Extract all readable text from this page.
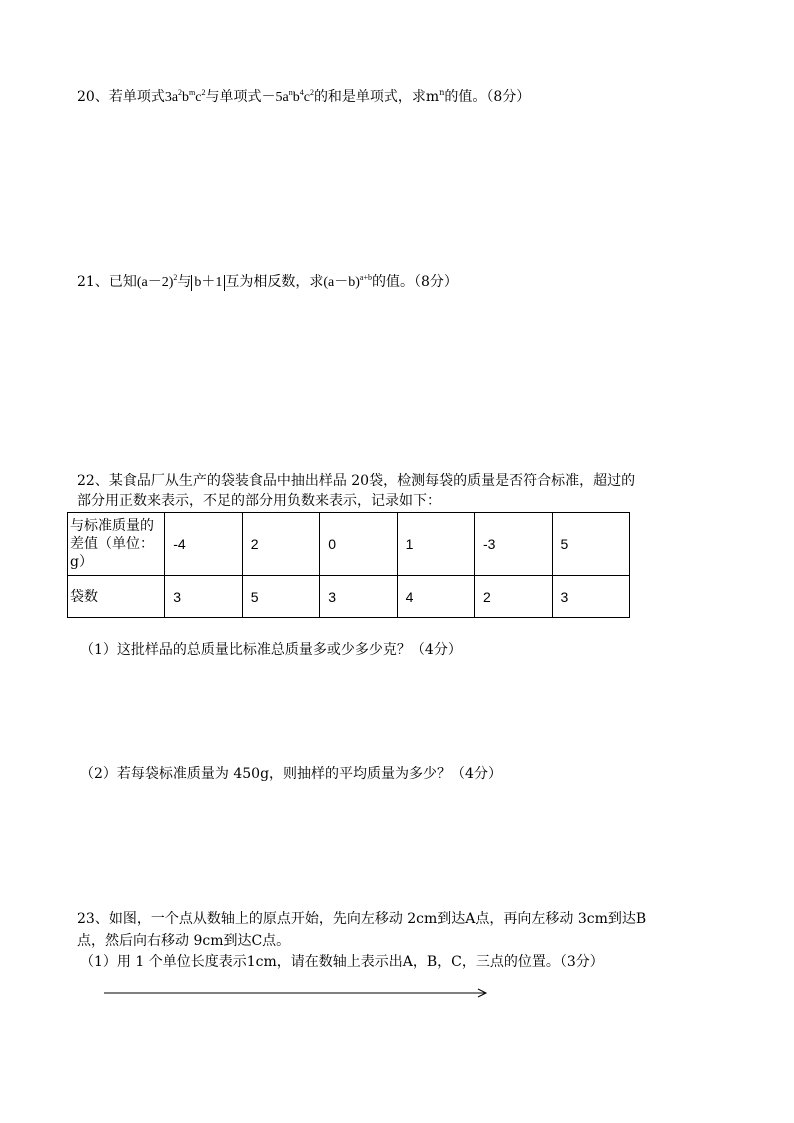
20、若单项式$3a^2b^mc^2$与单项式$-5a^nb^4c^2$的和是单项式，求$m^n$的值。（8分）
21、已知$(a-2)^2$与 b＋1 互为相反数，求$(a-b)^{a+b}$的值。（8分）
22、某食品厂从生产的袋装食品中抽出样品 20袋，检测每袋的质量是否符合标准，超过的
部分用正数来表示，不足的部分用负数来表示，记录如下：
与标准质量的差值（单位：g）	-4	2	0	1	-3	5
袋数	3	5	3	4	2	3
（1）这批样品的总质量比标准总质量多或少多少克？（4分）
（2）若每袋标准质量为 450g，则抽样的平均质量为多少？（4分）
23、如图，一个点从数轴上的原点开始，先向左移动 2cm到达A点，再向左移动 3cm到达B
点，然后向右移动 9cm到达C点。
（1）用 1 个单位长度表示1cm，请在数轴上表示出A，B，C，三点的位置。（3分）
